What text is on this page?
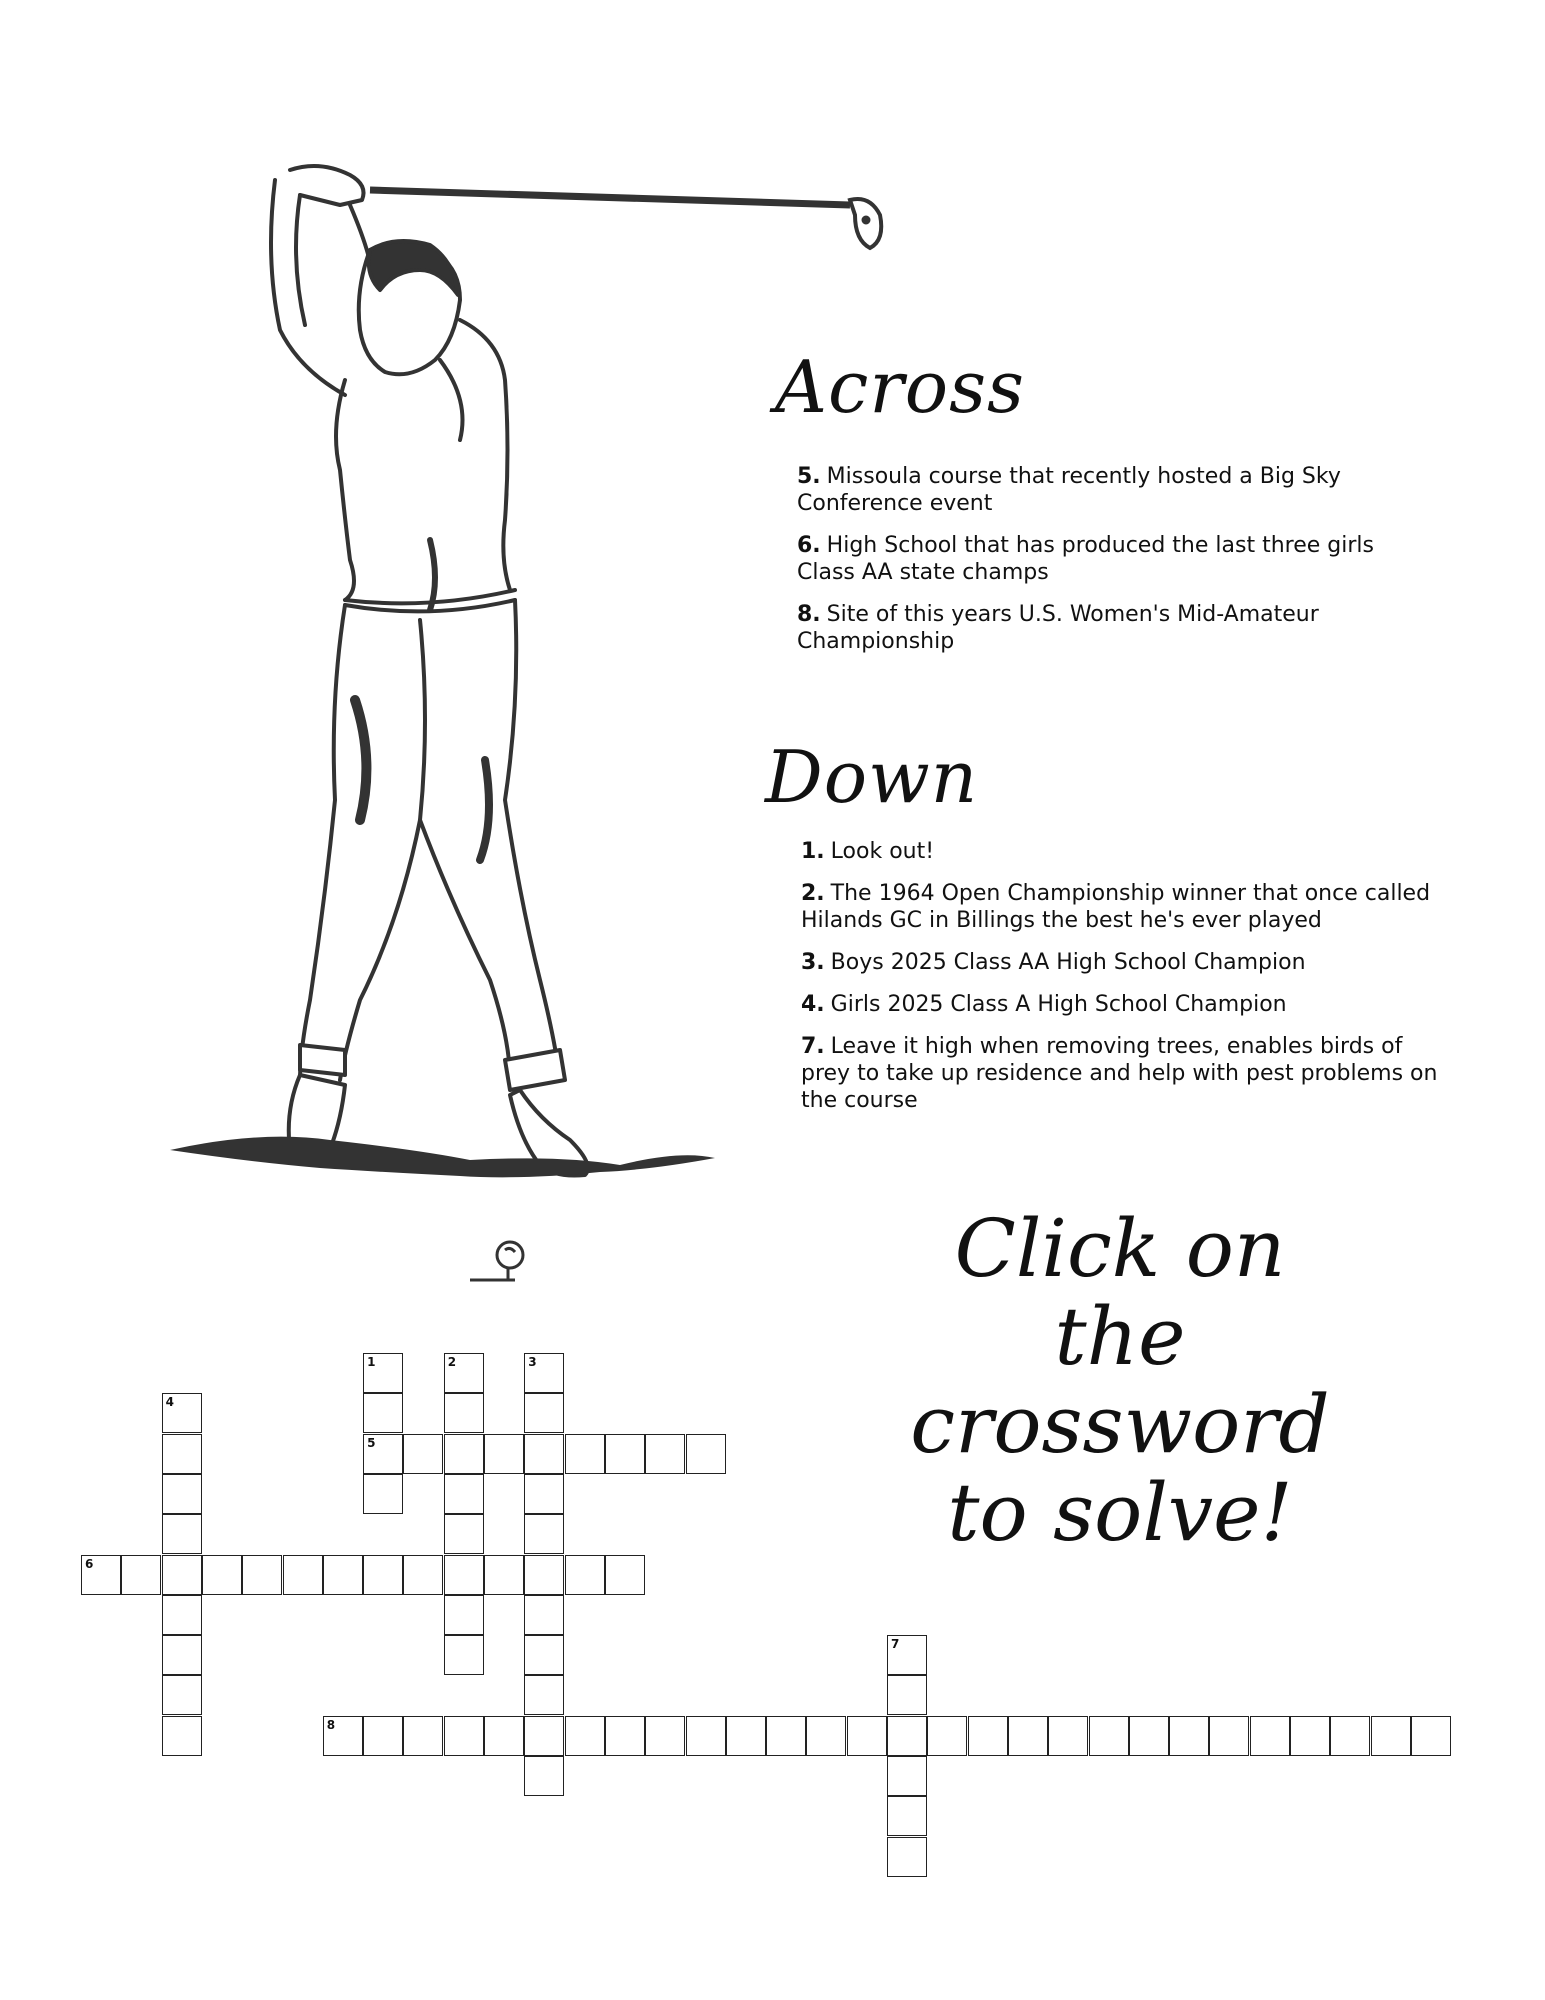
Across
5. Missoula course that recently hosted a Big Sky Conference event
6. High School that has produced the last three girls Class AA state champs
8. Site of this years U.S. Women's Mid-Amateur Championship
Down
1. Look out!
2. The 1964 Open Championship winner that once called Hilands GC in Billings the best he's ever played
3. Boys 2025 Class AA High School Champion
4. Girls 2025 Class A High School Champion
7. Leave it high when removing trees, enables birds of prey to take up residence and help with pest problems on the course
Click on
the crossword
to solve!
1
5
2	3
4
6
7
8
